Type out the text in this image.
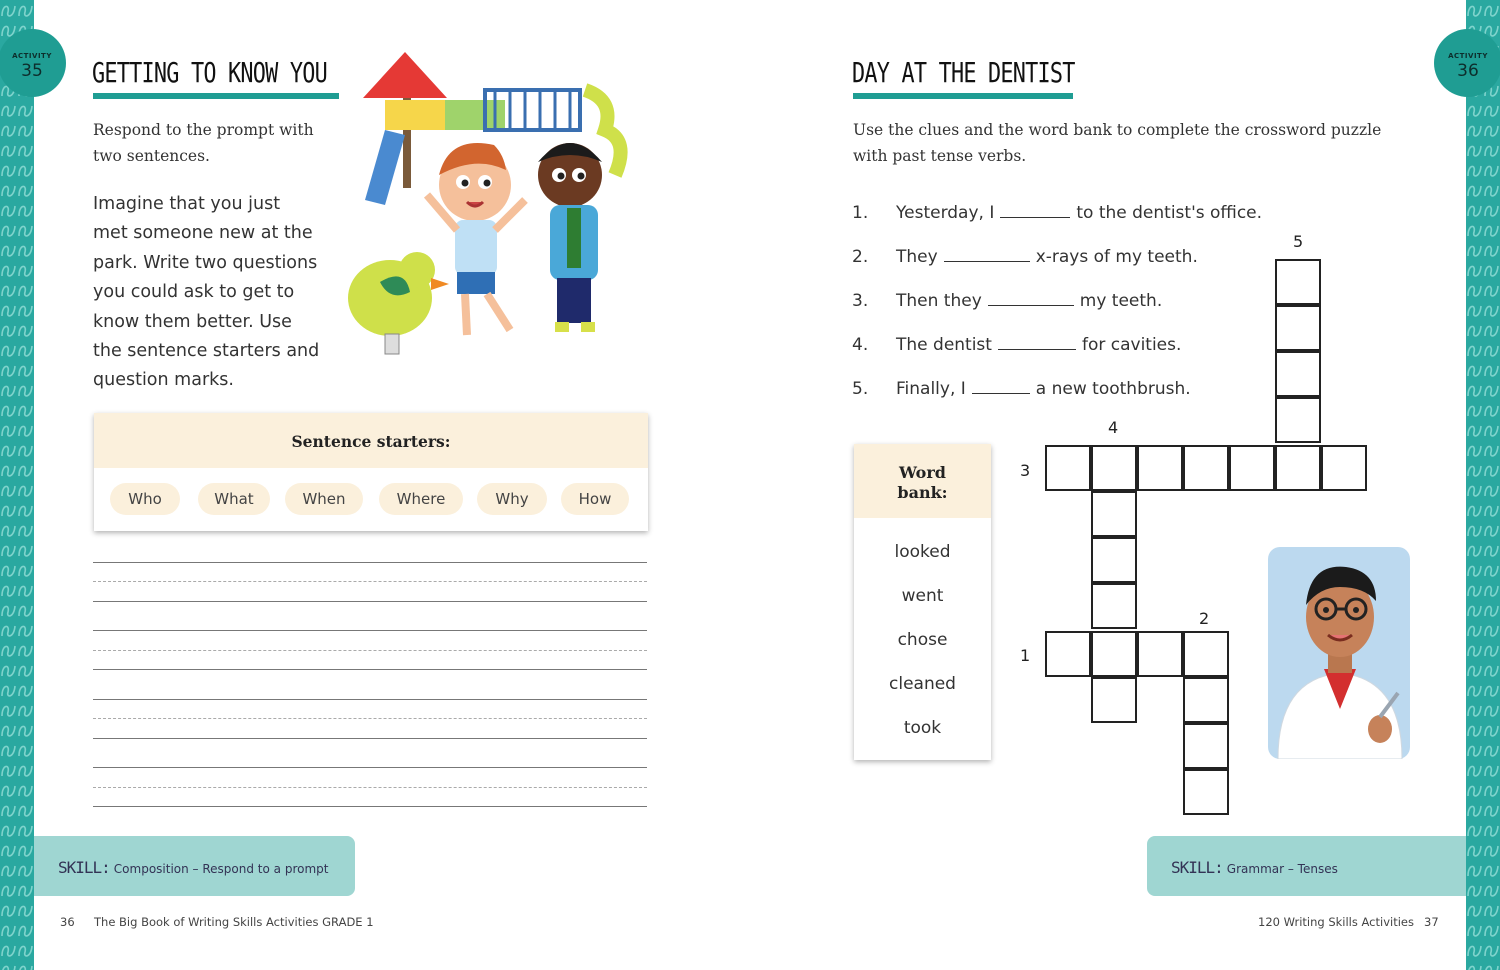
ACTIVITY
35	GETTING TO KNOW YOU
Respond to the prompt with
two sentences.
Imagine that you just
met someone new at the
park. Write two questions
you could ask to get to
know them better. Use
the sentence starters and
question marks.
Sentence starters:
Who	What	When	Where	Why	How
SKILL: Composition – Respond to a prompt
36 The Big Book of Writing Skills Activities GRADE 1
ACTIVITY
36
DAY AT THE DENTIST
Use the clues and the word bank to complete the crossword puzzle
with past tense verbs.
1. Yesterday, I	to the dentist's office.
2. They	x-rays of my teeth.
3. Then they	my teeth.
4. The dentist	for cavities.
5. Finally, I	a new toothbrush.
Word
bank:
looked
went
chose
cleaned
took
1
2
3
4
5
SKILL: Grammar – Tenses
120 Writing Skills Activities 37
